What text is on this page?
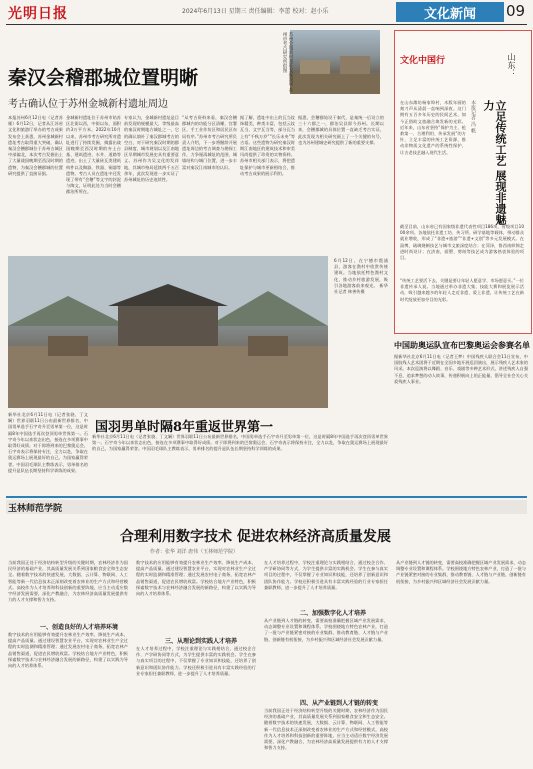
光明日报	2024年6月13日 星期三 责任编辑：李蕾 校对：赵小乐	文化新闻	09
秦汉会稽郡城位置明晰
考古确认位于苏州金城新村遗址周边
苏州金城新村遗址发掘现场 苏州市考古研究所供图
本报苏州6月12日电（记者苏雁）6月12日，记者从江苏省文化和旅游厅举办的考古成果发布会上获悉，苏州金城新村遗址考古取得重大突破，确认秦汉会稽郡城位于苏州古城区中部偏北，本次考古发掘出土了大量战国晚期至西汉时期的遗物，为秦汉会稽郡城的位置研究提供了直接证据。
金城新村遗址位于苏州市姑苏区北街以西，中街以东，面积约3万平方米。2022年10月以来，苏州市考古研究所对遗址进行了持续发掘，揭露出战国晚期至西汉时期的夯土台基、建筑遗迹、水井、道路等遗迹，出土了大量砖瓦类建筑构件以及陶器、铁器、铜器等遗物。考古人员在遗址中还发现了带有“会稽”等文字的封泥与陶文，证明此处为当时会稽郡治所所在。
专家认为，金城新村遗址是目前发现的规模最大、等级最高的秦汉时期地方城址之一，它的确认填补了秦汉郡城考古的空白，对于研究秦汉时期的郡县制度、城市规划以及江南地区早期城市发展史具有重要意义。苏州作为吴文化的发祥地，其城市格局延续两千五百余年，此次发现进一步实证了苏州城址的历史连续性。
“从考古资料来看，秦汉会稽郡城内的功能分区清晰，宫署区、手工业作坊区和居民区布局有序。”苏州市考古研究所负责人介绍，下一步将继续开展遗址周边的考古调查与勘探工作，力争厘清城址的范围、城墙结构与城门位置，进一步丰富对秦汉江南城市的认识。
据了解，遗址中出土的瓦当纹饰精美，种类丰富，包括云纹瓦当、文字瓦当等，部分瓦当上有“千秋万岁”“长乐未央”等吉语。这些遗物为研究秦汉时期江南地区的建筑技术和审美风尚提供了珍贵的实物资料。苏州市相关部门表示，将把遗址保护与城市更新相结合，推动考古成果的展示利用。
据悉，会稽郡始设于秦代，是秦统一后设立的三十六郡之一，郡治吴县即今苏州。长期以来，会稽郡城的具体位置一直缺乏考古实证，此次发现为相关研究画上了一个关键的句号，也为苏州建城史研究提供了新的重要支撑。
6月12日，在宁德市霞浦县，游客在渔村中欣赏传统建筑。当地依托特色渔村文化，推动乡村旅游发展，吸引各地游客前来观光。 新华社记者 林善传摄
文化中国行	山东：
立足传统工艺 展现非遗魅力
本报记者 冯 帆
在山东潍坊杨家埠村，木版年画的刻刀声从清晨一直响到深夜。这门拥有五百多年历史的民间艺术，如今正借助文旅融合焕发新的光彩。近年来，山东省坚持“保护为主、抢救第一、合理利用、传承发展”的方针，立足丰富的传统工艺资源，推动非物质文化遗产的系统性保护，让古老技艺融入现代生活。
截至目前，山东省已有国家级非遗代表性项目186项，省级项目1000余项。各地依托非遗工坊、传习所、研学基地等载体，带动群众就业增收，形成了“非遗+旅游”“非遗+文创”等多元发展模式。在淄博，琉璃烧制技艺与城市文旅深度结合；在菏泽，鲁西南织锦走进时尚设计；在济南，面塑、剪纸等技艺成为游客热衷体验的项目。
“传统工艺要活下去，关键是要让年轻人愿意学、市场愿意买。”一位非遗传承人说。当地通过举办非遗大集、技能大赛和展览展示活动，吸引越来越多的年轻人走近非遗、爱上非遗，让传统工艺在新时代绽放更加夺目的光彩。
中国助奥运队宣布巴黎奥运会参赛名单
据新华社北京6月11日电（记者王梦）中国残疾人联合会11日宣布，中国肢残人艺术团将于近期在全国多地开展巡回演出，展示残疾人艺术家的风采。本次巡演将以舞蹈、音乐、戏剧等多种艺术形式，讲述残疾人自强不息、追求梦想的动人故事，传递积极向上的正能量，倡导全社会关心关爱残疾人事业。
国羽男单时隔8年重返世界第一
新华社北京6月11日电（记者张骁、丁文娴）世界羽联11日公布最新世界排名，中国男单选手石宇奇升至男单第一位，这是时隔8年中国选手再次登顶男单世界第一。石宇奇今年以来状态出色，接连在多项赛事中取得好成绩。对于即将到来的巴黎奥运会，石宇奇表示将保持专注，全力以赴，争取在奥运赛场上展现最好的自己，为国家赢得荣誉。中国羽毛球队主教练表示，男单排名的提升是队伍长期坚持科学训练的成果。
新华社北京6月11日电（记者张骁、丁文娴）世界羽联11日公布最新世界排名，中国男单选手石宇奇升至男单第一位，这是时隔8年中国选手再次登顶男单世界第一。石宇奇今年以来状态出色，接连在多项赛事中取得好成绩。对于即将到来的巴黎奥运会，石宇奇表示将保持专注，全力以赴，争取在奥运赛场上展现最好的自己，为国家赢得荣誉。中国羽毛球队主教练表示，男单排名的提升是队伍长期坚持科学训练的成果。
玉林师范学院
合理利用数字技术 促进农林经济高质量发展
作者：张华 刘洋 唐伟（玉林师范学院）
当前我国正处于经济结构转型升级的关键时期，农林经济作为国民经济的基础产业，其高质量发展关系到国家粮食安全和生态安全。随着数字技术的快速发展，大数据、云计算、物联网、人工智能等新一代信息技术正深刻改变着农林业的生产方式和经营模式。高校作为人才培养和科技创新的重要阵地，应当主动适应数字经济发展需要，深化产教融合，为农林经济高质量发展提供有力的人才支撑和智力支持。
一、创造良好的人才培养环境
数字技术的应用能够有效提升农林业生产效率，降低生产成本，提高产品质量。通过建设智慧农业平台，实现对农林业生产全过程的实时监测和精准管理；通过发展农村电子商务，拓宽农林产品销售渠道，促进农民增收致富。学校结合地方产业特色，积极探索数字技术与农林经济融合发展的新路径，构建了以实践为导向的人才培养体系。
数字技术的应用能够有效提升农林业生产效率，降低生产成本，提高产品质量。通过建设智慧农业平台，实现对农林业生产全过程的实时监测和精准管理；通过发展农村电子商务，拓宽农林产品销售渠道，促进农民增收致富。学校结合地方产业特色，积极探索数字技术与农林经济融合发展的新路径，构建了以实践为导向的人才培养体系。
三、从理论到实践人才培养
在人才培养过程中，学校注重理论与实践相结合，通过校企合作、产学研协同等方式，为学生提供丰富的实践机会。学生在参与真实项目的过程中，不仅掌握了专业知识和技能，还培养了创新意识和团队协作能力。学校还积极引进具有丰富实践经验的行业专家担任兼职教师，进一步提升了人才培养质量。
在人才培养过程中，学校注重理论与实践相结合，通过校企合作、产学研协同等方式，为学生提供丰富的实践机会。学生在参与真实项目的过程中，不仅掌握了专业知识和技能，还培养了创新意识和团队协作能力。学校还积极引进具有丰富实践经验的行业专家担任兼职教师，进一步提升了人才培养质量。
二、加强数字化人才培养
从产业链到人才链的转变，需要高校准确把握区域产业发展需求，动态调整专业设置和课程体系。学校围绕地方特色农林产业，打造了一批与产业链紧密对接的专业集群，推动教育链、人才链与产业链、创新链有机衔接，为乡村振兴和区域经济社会发展贡献力量。
四、从产业链到人才链的转变
当前我国正处于经济结构转型升级的关键时期，农林经济作为国民经济的基础产业，其高质量发展关系到国家粮食安全和生态安全。随着数字技术的快速发展，大数据、云计算、物联网、人工智能等新一代信息技术正深刻改变着农林业的生产方式和经营模式。高校作为人才培养和科技创新的重要阵地，应当主动适应数字经济发展需要，深化产教融合，为农林经济高质量发展提供有力的人才支撑和智力支持。
从产业链到人才链的转变，需要高校准确把握区域产业发展需求，动态调整专业设置和课程体系。学校围绕地方特色农林产业，打造了一批与产业链紧密对接的专业集群，推动教育链、人才链与产业链、创新链有机衔接，为乡村振兴和区域经济社会发展贡献力量。
